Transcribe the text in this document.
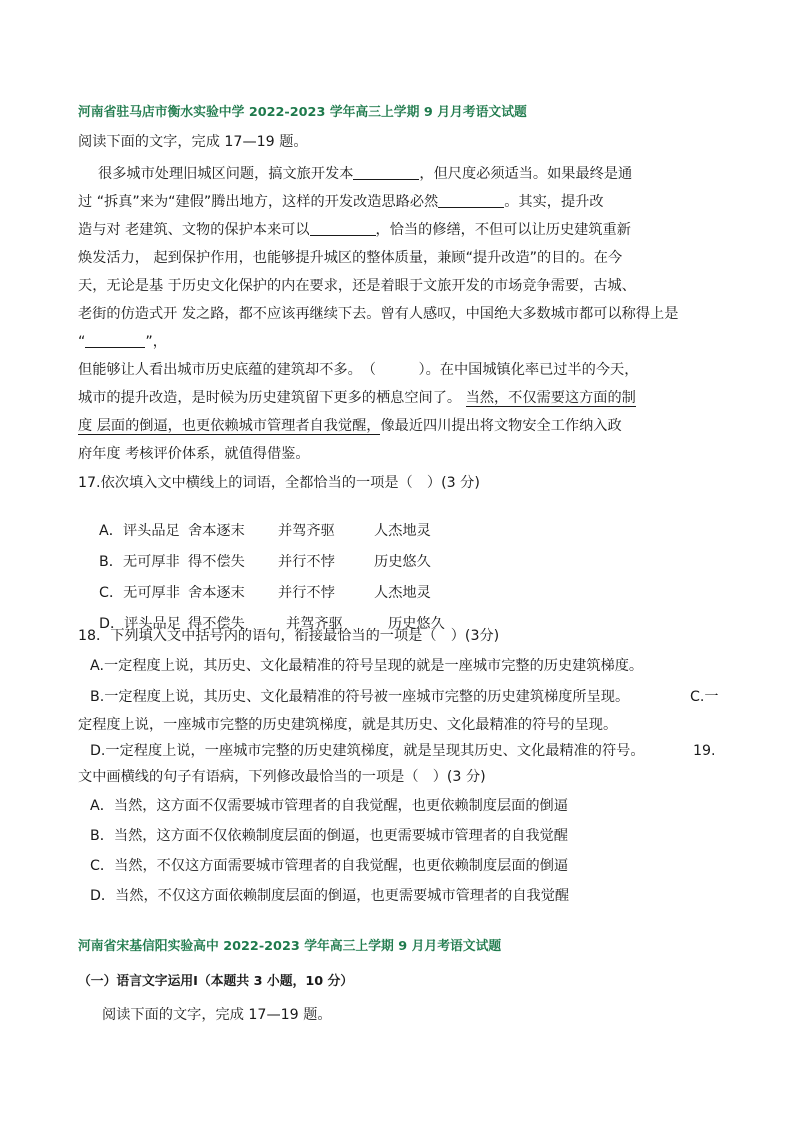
河南省驻马店市衡水实验中学 2022-2023 学年高三上学期 9 月月考语文试题
阅读下面的文字，完成 17—19 题。
很多城市处理旧城区问题，搞文旅开发本	，但尺度必须适当。如果最终是通
过 “拆真”来为“建假”腾出地方，这样的开发改造思路必然	。其实，提升改
造与对 老建筑、文物的保护本来可以	，恰当的修缮，不但可以让历史建筑重新
焕发活力， 起到保护作用，也能够提升城区的整体质量，兼顾“提升改造”的目的。在今
天，无论是基 于历史文化保护的内在要求，还是着眼于文旅开发的市场竞争需要，古城、
老街的仿造式开 发之路，都不应该再继续下去。曾有人感叹，中国绝大多数城市都可以称得上是
“	”，
但能够让人看出城市历史底蕴的建筑却不多。　（　　　）。在中国城镇化率已过半的今天，
城市的提升改造，是时候为历史建筑留下更多的栖息空间了。 当然，不仅需要这方面的制
度 层面的倒逼，也更依赖城市管理者自我觉醒，像最近四川提出将文物安全工作纳入政
府年度 考核评价体系，就值得借鉴。
17.依次填入文中横线上的词语，全都恰当的一项是（　）(3 分)

A．评头品足 舍本逐末 并驾齐驱	人杰地灵

B．无可厚非 得不偿失 并行不悖	历史悠久

C．无可厚非 舍本逐末 并行不悖	人杰地灵

D．评头品足 得不偿失	并驾齐驱	历史悠久

18．下列填入文中括号内的语句，衔接最恰当的一项是（　）(3分)
A.一定程度上说，其历史、文化最精准的符号呈现的就是一座城市完整的历史建筑梯度。
B.一定程度上说，其历史、文化最精准的符号被一座城市完整的历史建筑梯度所呈现。	C.一
定程度上说，一座城市完整的历史建筑梯度，就是其历史、文化最精准的符号的呈现。
D.一定程度上说，一座城市完整的历史建筑梯度，就是呈现其历史、文化最精准的符号。	19.
文中画横线的句子有语病，下列修改最恰当的一项是（　）(3 分)
A．当然，这方面不仅需要城市管理者的自我觉醒，也更依赖制度层面的倒逼
B．当然，这方面不仅依赖制度层面的倒逼，也更需要城市管理者的自我觉醒
C．当然，不仅这方面需要城市管理者的自我觉醒，也更依赖制度层面的倒逼
D．当然，不仅这方面依赖制度层面的倒逼，也更需要城市管理者的自我觉醒
河南省宋基信阳实验高中 2022-2023 学年高三上学期 9 月月考语文试题
（一）语言文字运用Ⅰ（本题共 3 小题，10 分）
阅读下面的文字，完成 17—19 题。
